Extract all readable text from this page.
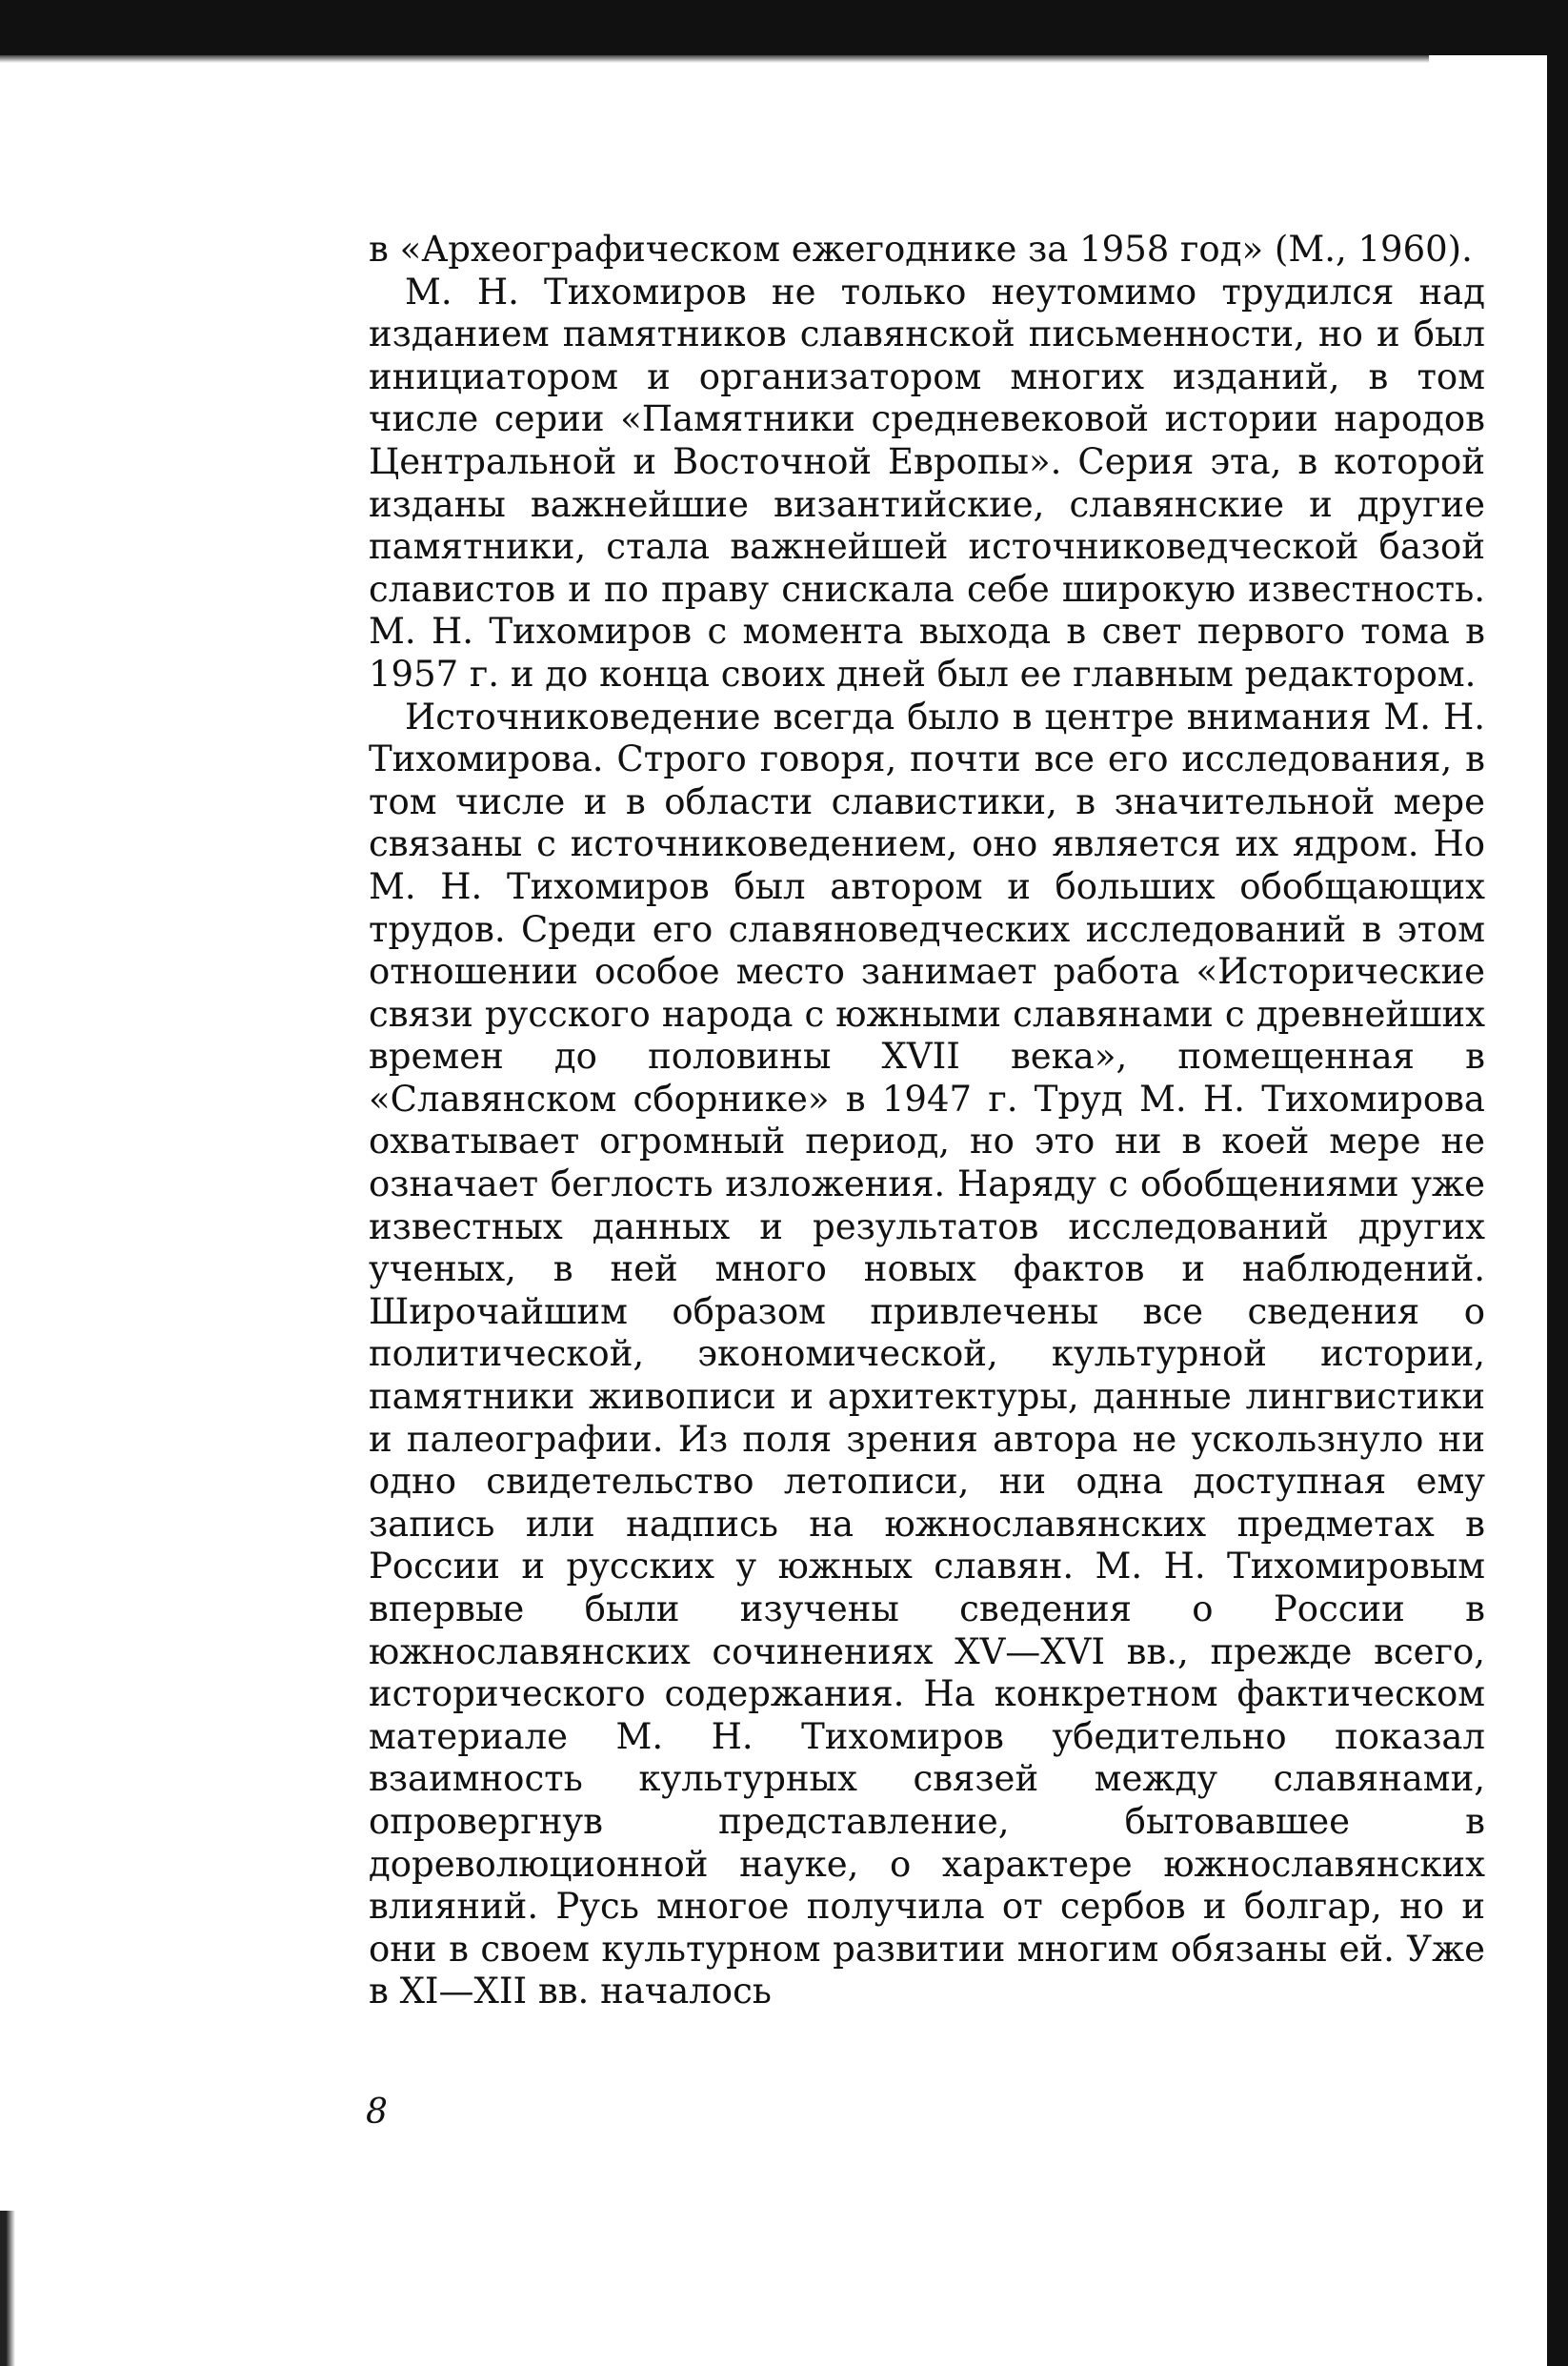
в «Археографическом ежегоднике за 1958 год» (М., 1960).

М. Н. Тихомиров не только неутомимо трудился над изданием памятников славянской письменности, но и был инициатором и организатором многих изданий, в том числе серии «Памятники средневековой истории народов Центральной и Восточной Европы». Серия эта, в которой изданы важнейшие византийские, славянские и другие памятники, стала важнейшей источниковедческой базой славистов и по праву снискала себе широкую известность. М. Н. Тихомиров с момента выхода в свет первого тома в 1957 г. и до конца своих дней был ее главным редактором.

Источниковедение всегда было в центре внимания М. Н. Тихомирова. Строго говоря, почти все его исследования, в том числе и в области славистики, в значительной мере связаны с источниковедением, оно является их ядром. Но М. Н. Тихомиров был автором и больших обобщающих трудов. Среди его славяноведческих исследований в этом отношении особое место занимает работа «Исторические связи русского народа с южными славянами с древнейших времен до половины XVII века», помещенная в «Славянском сборнике» в 1947 г. Труд М. Н. Тихомирова охватывает огромный период, но это ни в коей мере не означает беглость изложения. Наряду с обобщениями уже известных данных и результатов исследований других ученых, в ней много новых фактов и наблюдений. Широчайшим образом привлечены все сведения о политической, экономической, культурной истории, памятники живописи и архитектуры, данные лингвистики и палеографии. Из поля зрения автора не ускользнуло ни одно свидетельство летописи, ни одна доступная ему запись или надпись на южнославянских предметах в России и русских у южных славян. М. Н. Тихомировым впервые были изучены сведения о России в южнославянских сочинениях XV—XVI вв., прежде всего, исторического содержания. На конкретном фактическом материале М. Н. Тихомиров убедительно показал взаимность культурных связей между славянами, опровергнув представление, бытовавшее в дореволюционной науке, о характере южнославянских влияний. Русь многое получила от сербов и болгар, но и они в своем культурном развитии многим обязаны ей. Уже в XI—XII вв. началось

8
